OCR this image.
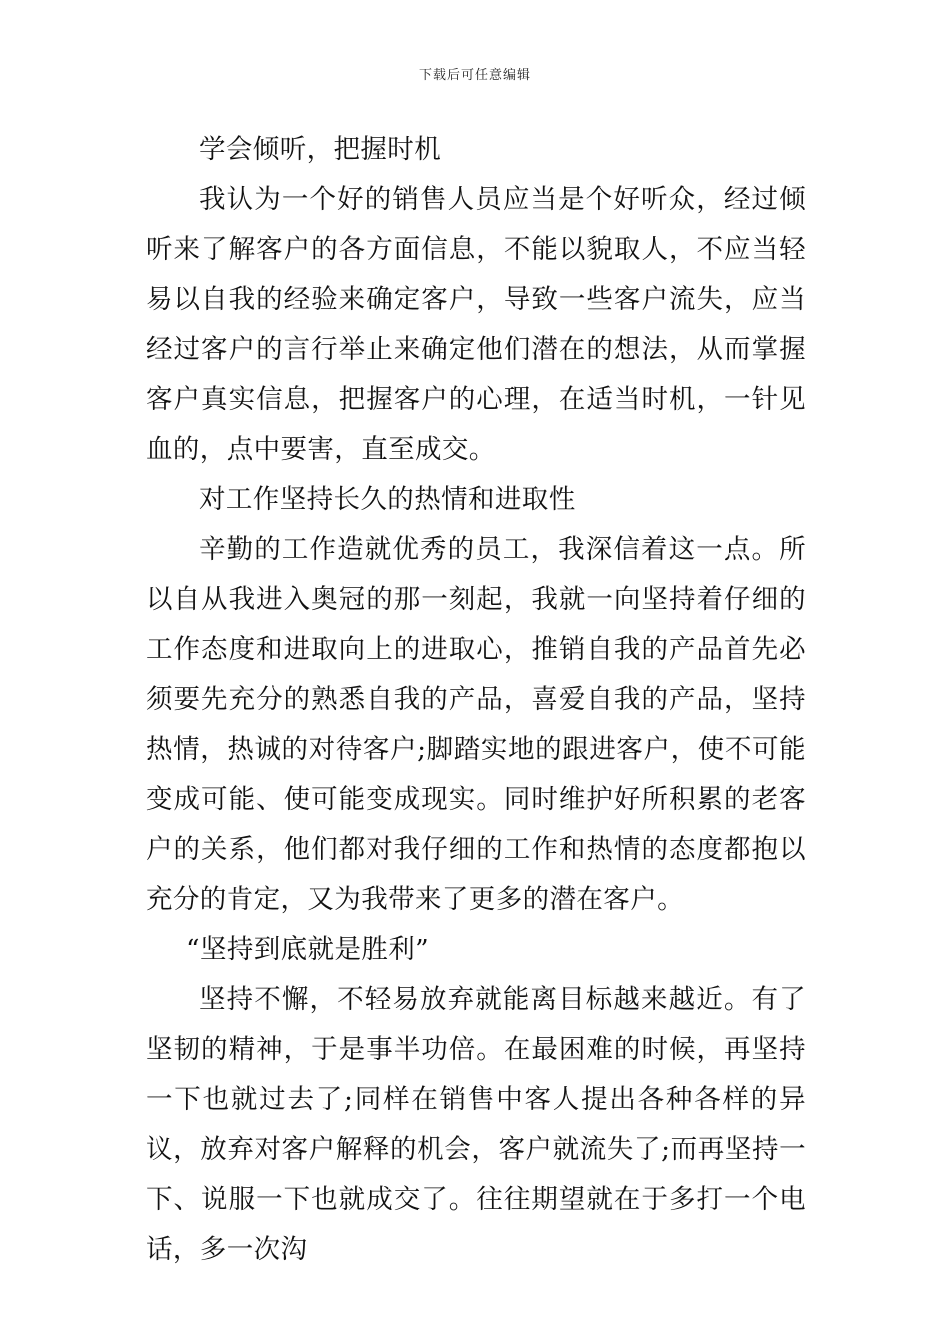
下载后可任意编辑

学会倾听，把握时机

我认为一个好的销售人员应当是个好听众，经过倾听来了解客户的各方面信息，不能以貌取人，不应当轻易以自我的经验来确定客户，导致一些客户流失，应当经过客户的言行举止来确定他们潜在的想法，从而掌握客户真实信息，把握客户的心理，在适当时机，一针见血的，点中要害，直至成交。

对工作坚持长久的热情和进取性

辛勤的工作造就优秀的员工，我深信着这一点。所以自从我进入奥冠的那一刻起，我就一向坚持着仔细的工作态度和进取向上的进取心，推销自我的产品首先必须要先充分的熟悉自我的产品，喜爱自我的产品，坚持热情，热诚的对待客户;脚踏实地的跟进客户，使不可能变成可能、使可能变成现实。同时维护好所积累的老客户的关系，他们都对我仔细的工作和热情的态度都抱以充分的肯定，又为我带来了更多的潜在客户。

“坚持到底就是胜利”

坚持不懈，不轻易放弃就能离目标越来越近。有了坚韧的精神，于是事半功倍。在最困难的时候，再坚持一下也就过去了;同样在销售中客人提出各种各样的异议，放弃对客户解释的机会，客户就流失了;而再坚持一下、说服一下也就成交了。往往期望就在于多打一个电话，多一次沟
